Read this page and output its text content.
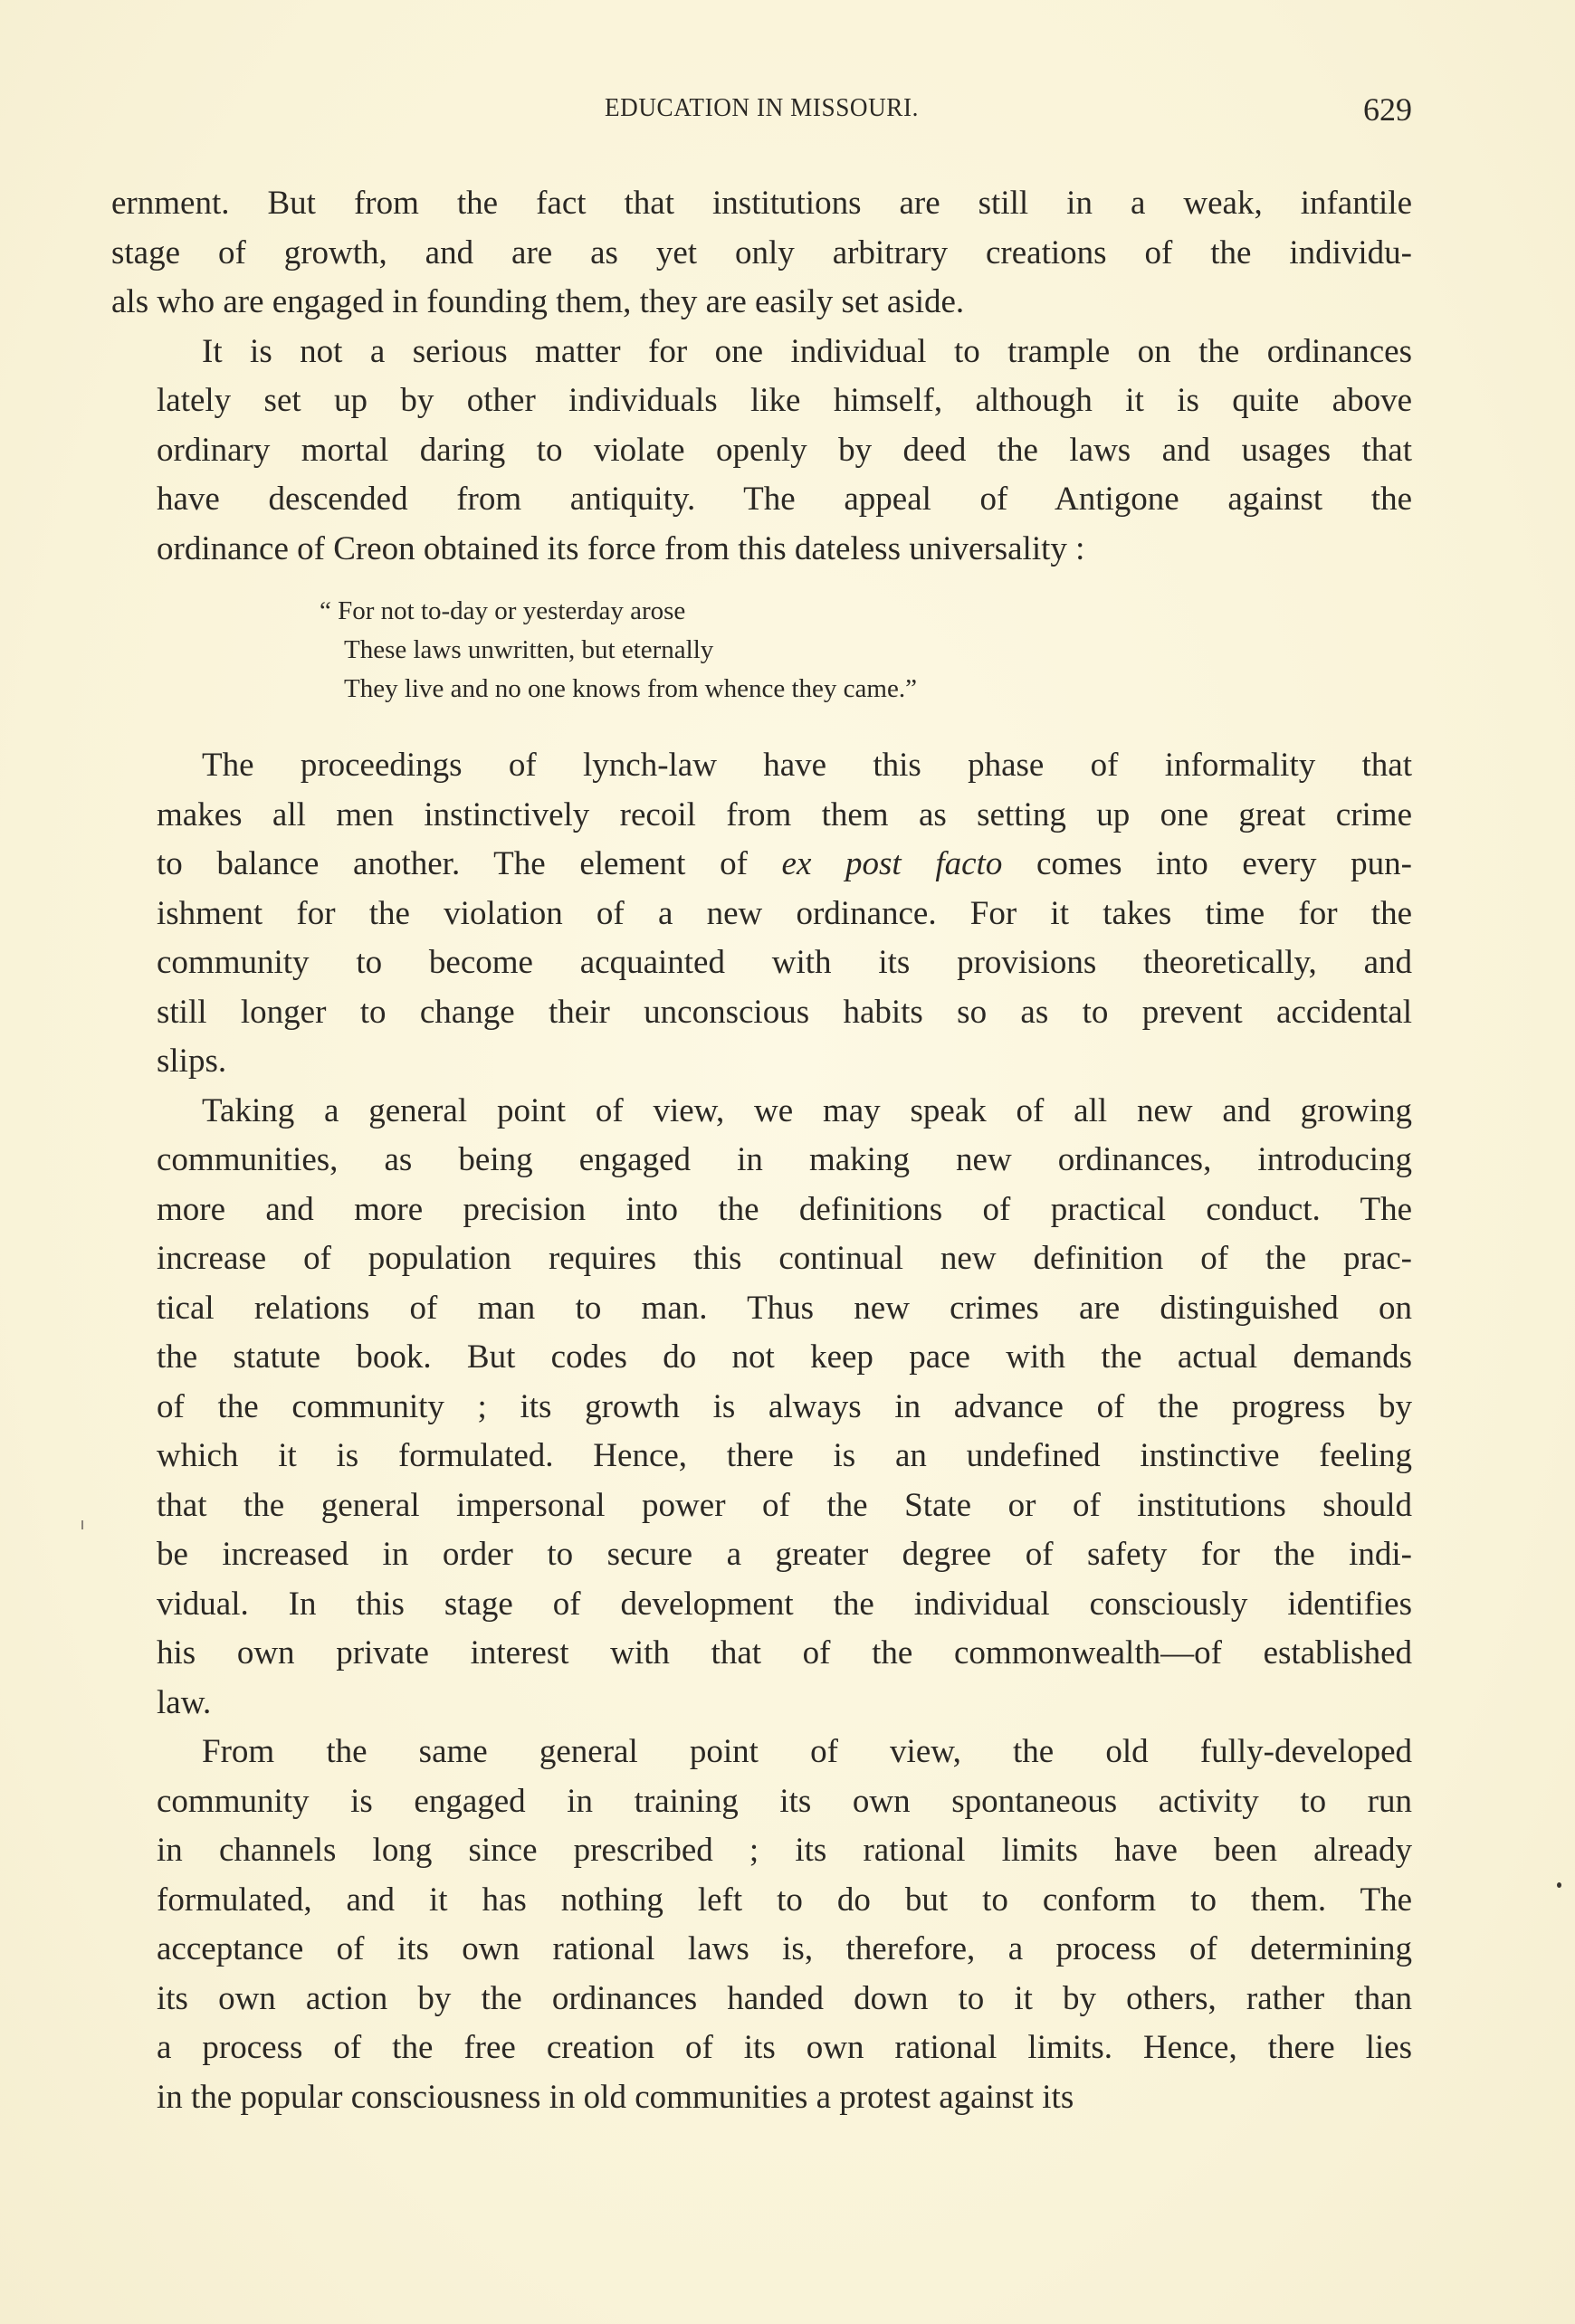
EDUCATION IN MISSOURI.	629

ernment. But from the fact that institutions are still in a weak, infantile
stage of growth, and are as yet only arbitrary creations of the individu-
als who are engaged in founding them, they are easily set aside.

It is not a serious matter for one individual to trample on the ordinances
lately set up by other individuals like himself, although it is quite above
ordinary mortal daring to violate openly by deed the laws and usages that
have descended from antiquity. The appeal of Antigone against the
ordinance of Creon obtained its force from this dateless universality :

“ For not to-day or yesterday arose
These laws unwritten, but eternally
They live and no one knows from whence they came.”

The proceedings of lynch-law have this phase of informality that
makes all men instinctively recoil from them as setting up one great crime
to balance another. The element of ex post facto comes into every pun-
ishment for the violation of a new ordinance. For it takes time for the
community to become acquainted with its provisions theoretically, and
still longer to change their unconscious habits so as to prevent accidental
slips.

Taking a general point of view, we may speak of all new and growing
communities, as being engaged in making new ordinances, introducing
more and more precision into the definitions of practical conduct. The
increase of population requires this continual new definition of the prac-
tical relations of man to man. Thus new crimes are distinguished on
the statute book. But codes do not keep pace with the actual demands
of the community ; its growth is always in advance of the progress by
which it is formulated. Hence, there is an undefined instinctive feeling
that the general impersonal power of the State or of institutions should
be increased in order to secure a greater degree of safety for the indi-
vidual. In this stage of development the individual consciously identifies
his own private interest with that of the commonwealth—of established
law.

From the same general point of view, the old fully-developed
community is engaged in training its own spontaneous activity to run
in channels long since prescribed ; its rational limits have been already
formulated, and it has nothing left to do but to conform to them. The
acceptance of its own rational laws is, therefore, a process of determining
its own action by the ordinances handed down to it by others, rather than
a process of the free creation of its own rational limits. Hence, there lies
in the popular consciousness in old communities a protest against its
